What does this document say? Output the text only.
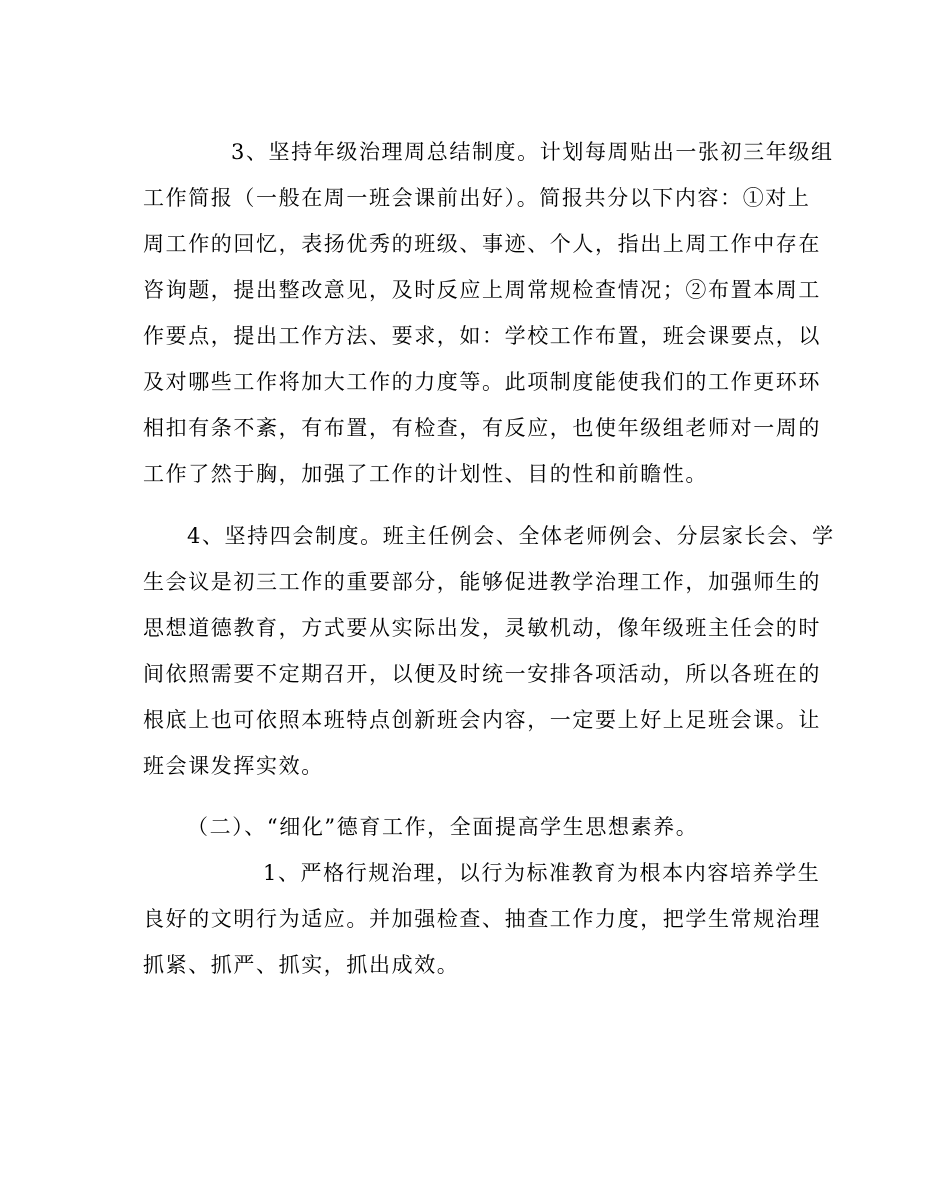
3、坚持年级治理周总结制度。计划每周贴出一张初三年级组
工作简报（一般在周一班会课前出好）。简报共分以下内容：①对上
周工作的回忆，表扬优秀的班级、事迹、个人，指出上周工作中存在
咨询题，提出整改意见，及时反应上周常规检查情况；②布置本周工
作要点，提出工作方法、要求，如：学校工作布置，班会课要点，以
及对哪些工作将加大工作的力度等。此项制度能使我们的工作更环环
相扣有条不紊，有布置，有检查，有反应，也使年级组老师对一周的
工作了然于胸，加强了工作的计划性、目的性和前瞻性。
4、坚持四会制度。班主任例会、全体老师例会、分层家长会、学
生会议是初三工作的重要部分，能够促进教学治理工作，加强师生的
思想道德教育，方式要从实际出发，灵敏机动，像年级班主任会的时
间依照需要不定期召开，以便及时统一安排各项活动，所以各班在的
根底上也可依照本班特点创新班会内容，一定要上好上足班会课。让
班会课发挥实效。
（二）、“细化”德育工作，全面提高学生思想素养。
1、严格行规治理，以行为标准教育为根本内容培养学生
良好的文明行为适应。并加强检查、抽查工作力度，把学生常规治理
抓紧、抓严、抓实，抓出成效。
